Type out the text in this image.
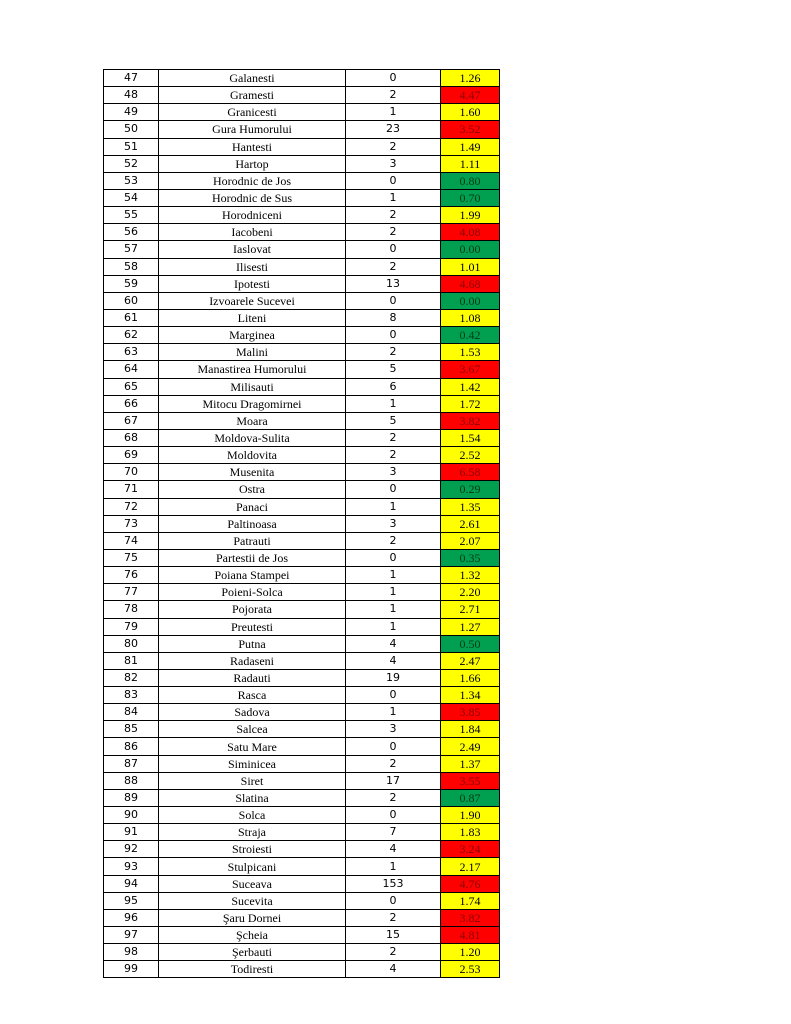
47	Galanesti	0	1.26
48	Gramesti	2	4.47
49	Granicesti	1	1.60
50	Gura Humorului	23	3.52
51	Hantesti	2	1.49
52	Hartop	3	1.11
53	Horodnic de Jos	0	0.80
54	Horodnic de Sus	1	0.70
55	Horodniceni	2	1.99
56	Iacobeni	2	4.08
57	Iaslovat	0	0.00
58	Ilisesti	2	1.01
59	Ipotesti	13	4.68
60	Izvoarele Sucevei	0	0.00
61	Liteni	8	1.08
62	Marginea	0	0.42
63	Malini	2	1.53
64	Manastirea Humorului	5	3.67
65	Milisauti	6	1.42
66	Mitocu Dragomirnei	1	1.72
67	Moara	5	3.82
68	Moldova-Sulita	2	1.54
69	Moldovita	2	2.52
70	Musenita	3	6.58
71	Ostra	0	0.29
72	Panaci	1	1.35
73	Paltinoasa	3	2.61
74	Patrauti	2	2.07
75	Partestii de Jos	0	0.35
76	Poiana Stampei	1	1.32
77	Poieni-Solca	1	2.20
78	Pojorata	1	2.71
79	Preutesti	1	1.27
80	Putna	4	0.50
81	Radaseni	4	2.47
82	Radauti	19	1.66
83	Rasca	0	1.34
84	Sadova	1	3.85
85	Salcea	3	1.84
86	Satu Mare	0	2.49
87	Siminicea	2	1.37
88	Siret	17	3.55
89	Slatina	2	0.87
90	Solca	0	1.90
91	Straja	7	1.83
92	Stroiesti	4	3.24
93	Stulpicani	1	2.17
94	Suceava	153	4.76
95	Sucevita	0	1.74
96	Şaru Dornei	2	3.82
97	Şcheia	15	4.81
98	Şerbauti	2	1.20
99	Todiresti	4	2.53
